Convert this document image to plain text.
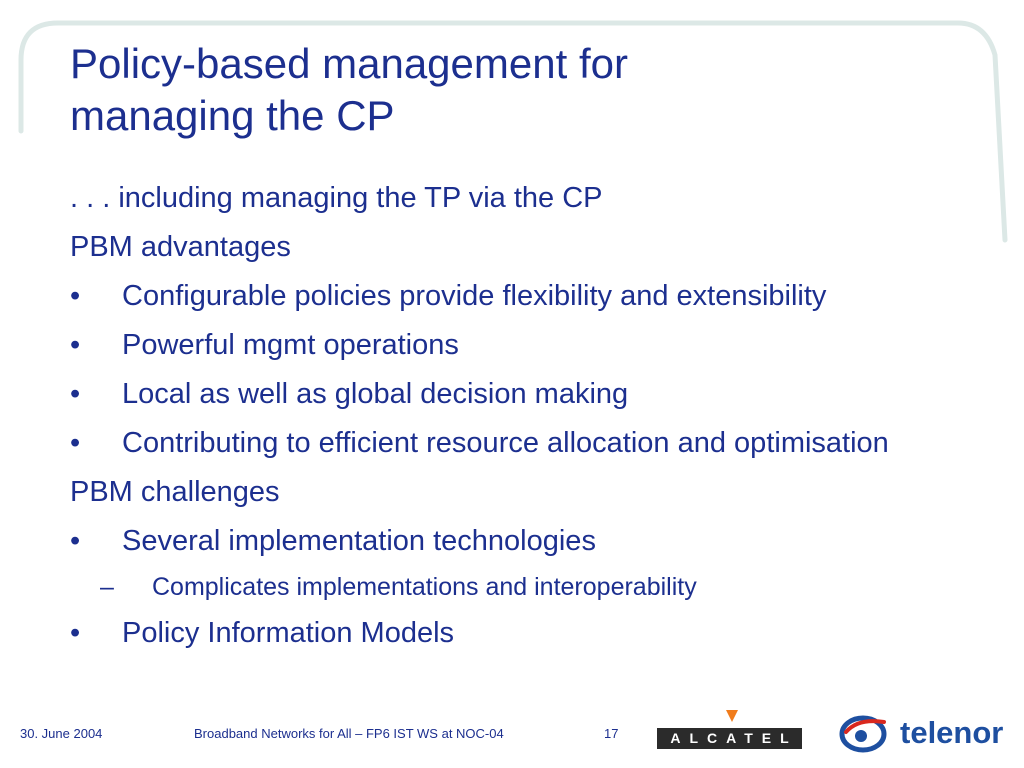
Policy-based management for
managing the CP
. . . including managing the TP via the CP
PBM advantages
• Configurable policies provide flexibility and extensibility
• Powerful mgmt operations
• Local as well as global decision making
• Contributing to efficient resource allocation and optimisation
PBM challenges
• Several implementation technologies
– Complicates implementations and interoperability
• Policy Information Models
30. June 2004	Broadband Networks for All – FP6 IST WS at NOC-04	17	ALCATEL	telenor
